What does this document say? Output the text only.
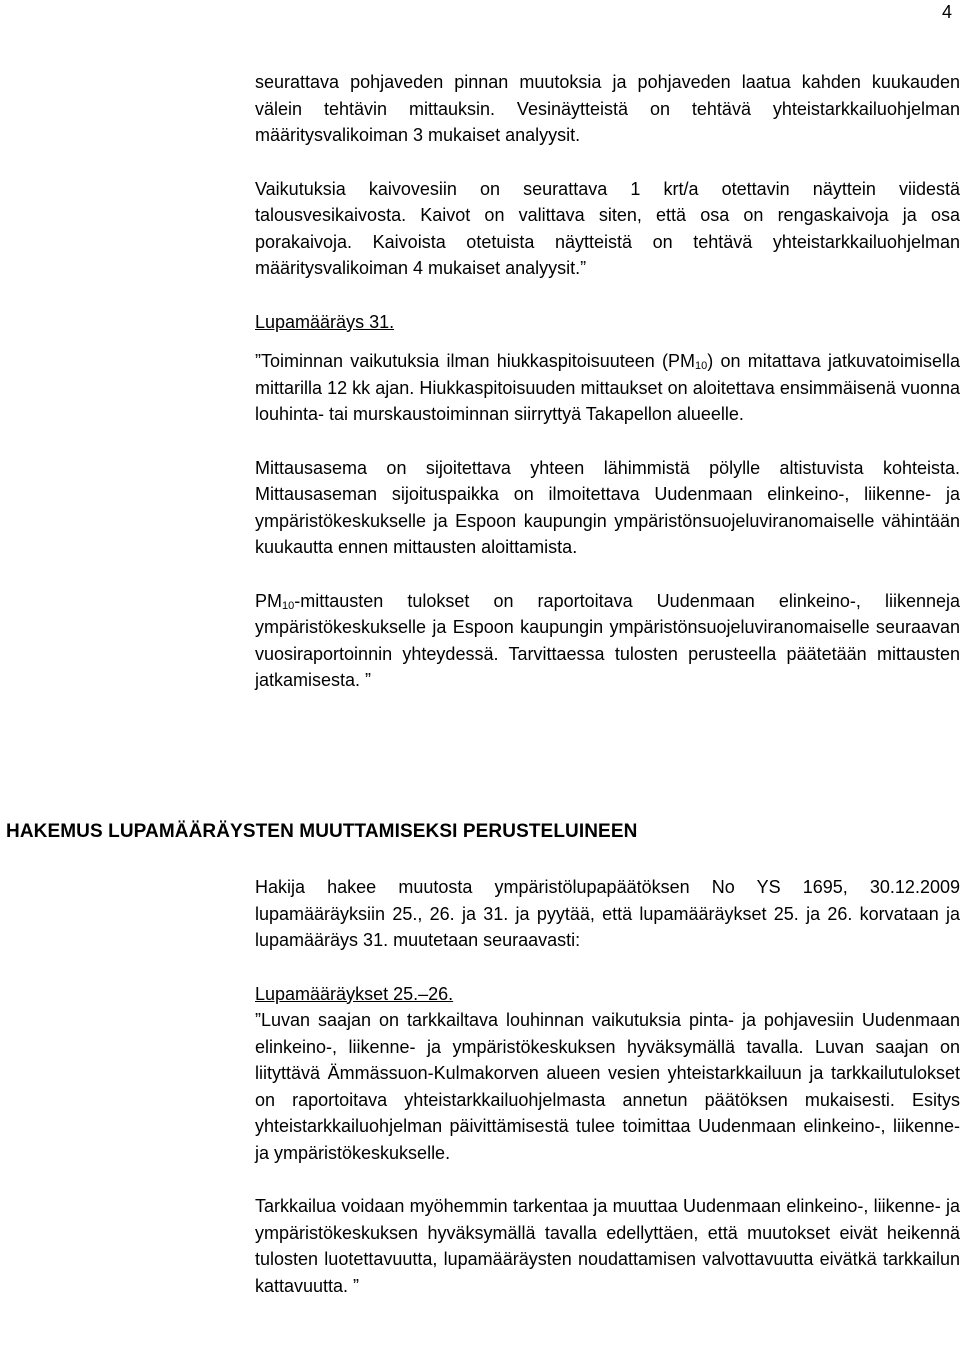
4

seurattava pohjaveden pinnan muutoksia ja pohjaveden laatua kahden kuukauden välein tehtävin mittauksin. Vesinäytteistä on tehtävä yhteistarkkailuohjelman määritysvalikoiman 3 mukaiset analyysit.

Vaikutuksia kaivovesiin on seurattava 1 krt/a otettavin näyttein viidestä talousvesikaivosta. Kaivot on valittava siten, että osa on rengaskaivoja ja osa porakaivoja. Kaivoista otetuista näytteistä on tehtävä yhteistarkkailuohjelman määritysvalikoiman 4 mukaiset analyysit.”

Lupamääräys 31.

”Toiminnan vaikutuksia ilman hiukkaspitoisuuteen $(PM_{10})$ on mitattava jatkuvatoimisella mittarilla 12 kk ajan. Hiukkaspitoisuuden mittaukset on aloitettava ensimmäisenä vuonna louhinta- tai murskaustoiminnan siirryttyä Takapellon alueelle.

Mittausasema on sijoitettava yhteen lähimmistä pölylle altistuvista kohteista. Mittausaseman sijoituspaikka on ilmoitettava Uudenmaan elinkeino-, liikenne- ja ympäristökeskukselle ja Espoon kaupungin ympäristönsuojeluviranomaiselle vähintään kuukautta ennen mittausten aloittamista.

$PM_{10}$-mittausten tulokset on raportoitava Uudenmaan elinkeino-, liikenneja ympäristökeskukselle ja Espoon kaupungin ympäristönsuojeluviranomaiselle seuraavan vuosiraportoinnin yhteydessä. Tarvittaessa tulosten perusteella päätetään mittausten jatkamisesta. ”

HAKEMUS LUPAMÄÄRÄYSTEN MUUTTAMISEKSI PERUSTELUINEEN

Hakija hakee muutosta ympäristölupapäätöksen No YS 1695, 30.12.2009 lupamääräyksiin 25., 26. ja 31. ja pyytää, että lupamääräykset 25. ja 26. korvataan ja lupamääräys 31. muutetaan seuraavasti:

Lupamääräykset 25.–26.

”Luvan saajan on tarkkailtava louhinnan vaikutuksia pinta- ja pohjavesiin Uudenmaan elinkeino-, liikenne- ja ympäristökeskuksen hyväksymällä tavalla. Luvan saajan on liityttävä Ämmässuon-Kulmakorven alueen vesien yhteistarkkailuun ja tarkkailutulokset on raportoitava yhteistarkkailuohjelmasta annetun päätöksen mukaisesti. Esitys yhteistarkkailuohjelman päivittämisestä tulee toimittaa Uudenmaan elinkeino-, liikenne- ja ympäristökeskukselle.

Tarkkailua voidaan myöhemmin tarkentaa ja muuttaa Uudenmaan elinkeino-, liikenne- ja ympäristökeskuksen hyväksymällä tavalla edellyttäen, että muutokset eivät heikennä tulosten luotettavuutta, lupamääräysten noudattamisen valvottavuutta eivätkä tarkkailun kattavuutta. ”
